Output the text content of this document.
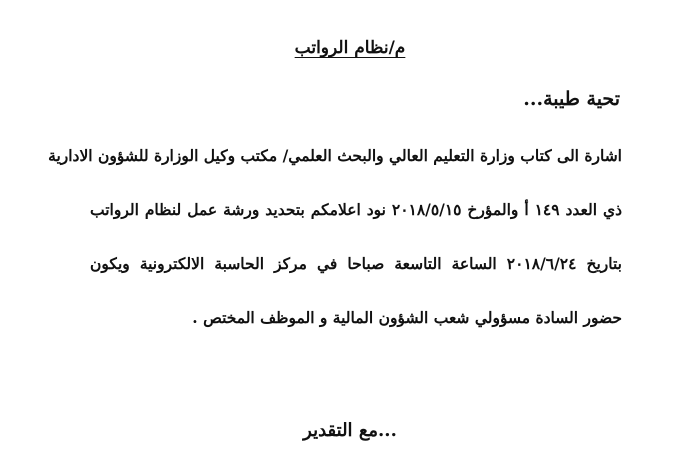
م/نظام الرواتب
تحية طيبة...
اشارة الى كتاب وزارة التعليم العالي والبحث العلمي/ مكتب وكيل الوزارة للشؤون الادارية
ذي العدد ١٤٩ أ والمؤرخ ٢٠١٨/٥/١٥ نود اعلامكم بتحديد ورشة عمل لنظام الرواتب
بتاريخ ٢٠١٨/٦/٢٤ الساعة التاسعة صباحا في مركز الحاسبة الالكترونية ويكون
حضور السادة مسؤولي شعب الشؤون المالية و الموظف المختص .
...مع التقدير
